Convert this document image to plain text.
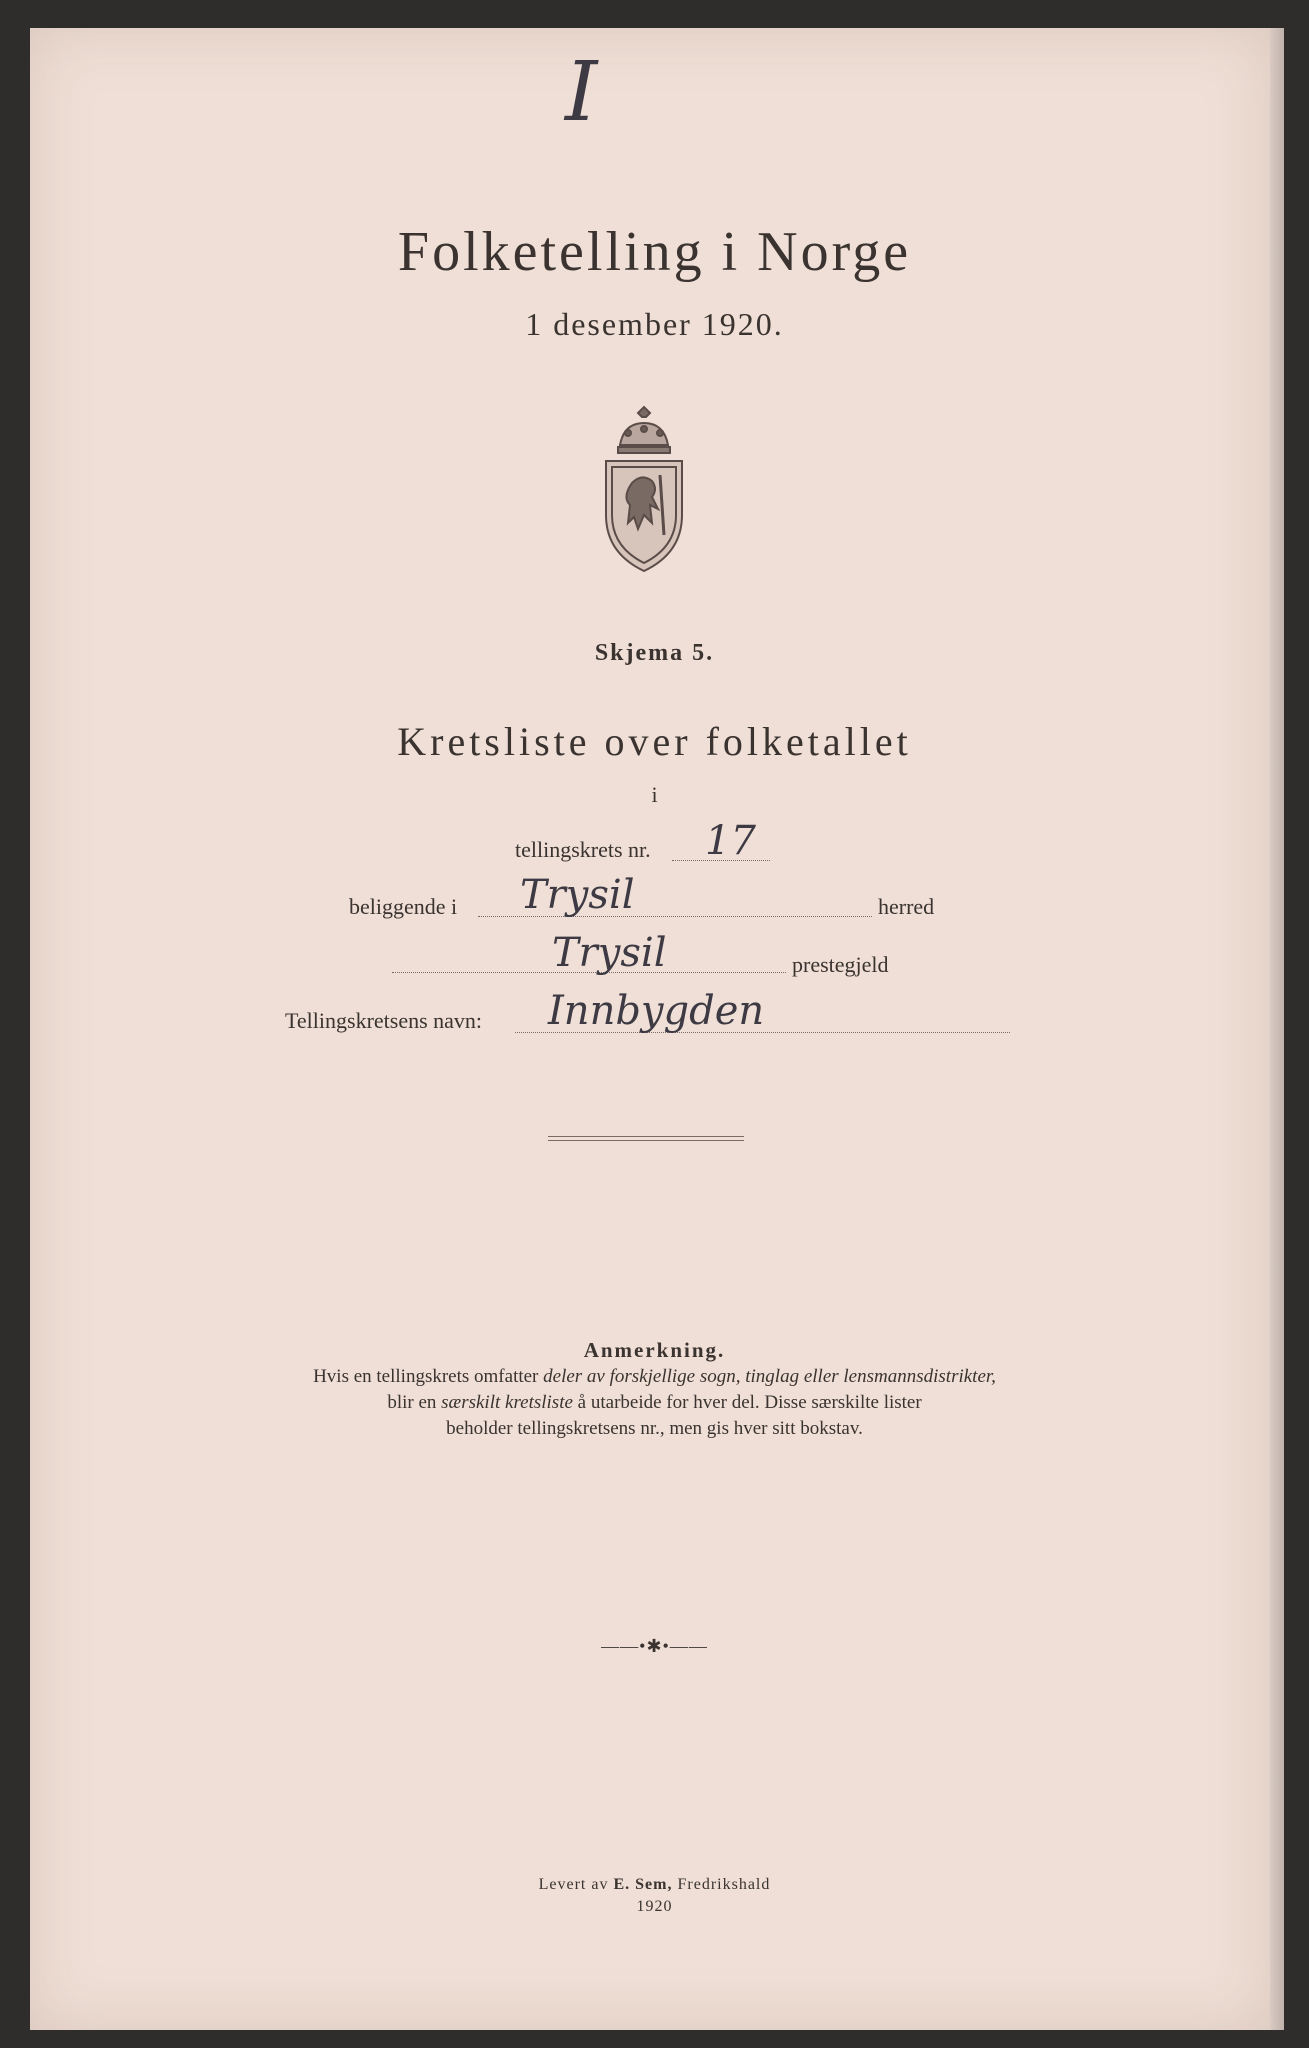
I
Folketelling i Norge
1 desember 1920.
Skjema 5.
Kretsliste over folketallet
i
tellingskrets nr. 17
beliggende i Trysil	herred
Trysil	prestegjeld
Tellingskretsens navn: Innbygden
Anmerkning.
Hvis en tellingskrets omfatter deler av forskjellige sogn, tinglag eller lensmannsdistrikter,
blir en særskilt kretsliste å utarbeide for hver del. Disse særskilte lister
beholder tellingskretsens nr., men gis hver sitt bokstav.
——•✱•——
Levert av E. Sem, Fredrikshald
1920
